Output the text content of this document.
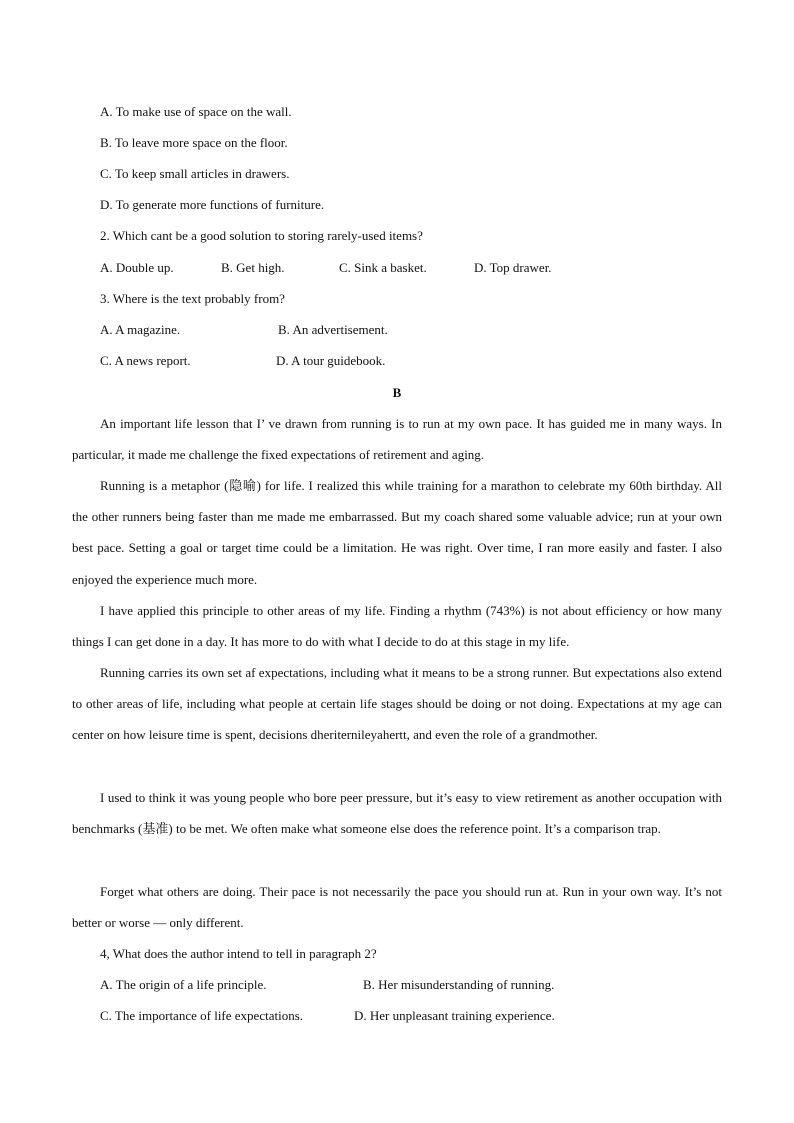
A. To make use of space on the wall.
B. To leave more space on the floor.
C. To keep small articles in drawers.
D. To generate more functions of furniture.
2. Which cant be a good solution to storing rarely-used items?
A. Double up.	B. Get high.	C. Sink a basket.	D. Top drawer.
3. Where is the text probably from?
A. A magazine.	B. An advertisement.
C. A news report.	D. A tour guidebook.
B

An important life lesson that I’ ve drawn from running is to run at my own pace. It has guided me in many ways. In particular, it made me challenge the fixed expectations of retirement and aging.

Running is a metaphor (隐喻) for life. I realized this while training for a marathon to celebrate my 60th birthday. All the other runners being faster than me made me embarrassed. But my coach shared some valuable advice; run at your own best pace. Setting a goal or target time could be a limitation. He was right. Over time, I ran more easily and faster. I also enjoyed the experience much more.

I have applied this principle to other areas of my life. Finding a rhythm (743%) is not about efficiency or how many things I can get done in a day. It has more to do with what I decide to do at this stage in my life.

Running carries its own set af expectations, including what it means to be a strong runner. But expectations also extend to other areas of life, including what people at certain life stages should be doing or not doing. Expectations at my age can center on how leisure time is spent, decisions dheriternileyahertt, and even the role of a grandmother.

I used to think it was young people who bore peer pressure, but it’s easy to view retirement as another occupation with benchmarks (基准) to be met. We often make what someone else does the reference point. It’s a comparison trap.

Forget what others are doing. Their pace is not necessarily the pace you should run at. Run in your own way. It’s not better or worse — only different.

4, What does the author intend to tell in paragraph 2?
A. The origin of a life principle.	B. Her misunderstanding of running.
C. The importance of life expectations.	D. Her unpleasant training experience.
